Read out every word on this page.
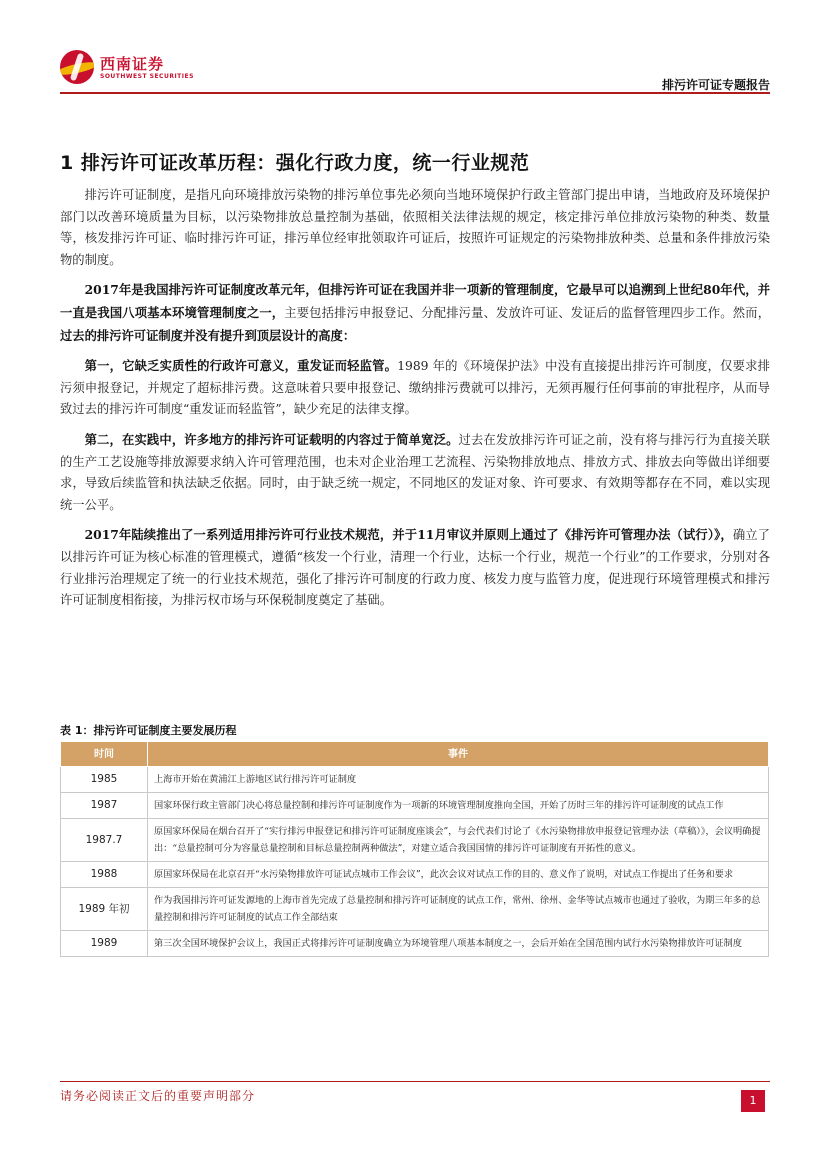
西南证券
SOUTHWEST SECURITIES
排污许可证专题报告
1 排污许可证改革历程：强化行政力度，统一行业规范

排污许可证制度，是指凡向环境排放污染物的排污单位事先必须向当地环境保护行政主管部门提出申请，当地政府及环境保护部门以改善环境质量为目标，以污染物排放总量控制为基础，依照相关法律法规的规定，核定排污单位排放污染物的种类、数量等，核发排污许可证、临时排污许可证，排污单位经审批领取许可证后，按照许可证规定的污染物排放种类、总量和条件排放污染物的制度。

2017年是我国排污许可证制度改革元年，但排污许可证在我国并非一项新的管理制度，它最早可以追溯到上世纪80年代，并一直是我国八项基本环境管理制度之一，主要包括排污申报登记、分配排污量、发放许可证、发证后的监督管理四步工作。然而，过去的排污许可证制度并没有提升到顶层设计的高度：

第一，它缺乏实质性的行政许可意义，重发证而轻监管。1989 年的《环境保护法》中没有直接提出排污许可制度，仅要求排污须申报登记，并规定了超标排污费。这意味着只要申报登记、缴纳排污费就可以排污，无须再履行任何事前的审批程序，从而导致过去的排污许可制度“重发证而轻监管”，缺少充足的法律支撑。

第二，在实践中，许多地方的排污许可证载明的内容过于简单宽泛。过去在发放排污许可证之前，没有将与排污行为直接关联的生产工艺设施等排放源要求纳入许可管理范围，也未对企业治理工艺流程、污染物排放地点、排放方式、排放去向等做出详细要求，导致后续监管和执法缺乏依据。同时，由于缺乏统一规定，不同地区的发证对象、许可要求、有效期等都存在不同，难以实现统一公平。

2017年陆续推出了一系列适用排污许可行业技术规范，并于11月审议并原则上通过了《排污许可管理办法（试行）》，确立了以排污许可证为核心标准的管理模式，遵循“核发一个行业，清理一个行业，达标一个行业，规范一个行业”的工作要求，分别对各行业排污治理规定了统一的行业技术规范，强化了排污许可制度的行政力度、核发力度与监管力度，促进现行环境管理模式和排污许可证制度相衔接，为排污权市场与环保税制度奠定了基础。

表 1：排污许可证制度主要发展历程
时间	事件
1985	上海市开始在黄浦江上游地区试行排污许可证制度
1987	国家环保行政主管部门决心将总量控制和排污许可证制度作为一项新的环境管理制度推向全国，开始了历时三年的排污许可证制度的试点工作
1987.7	原国家环保局在烟台召开了“实行排污申报登记和排污许可证制度座谈会”，与会代表们讨论了《水污染物排放申报登记管理办法（草稿）》，会议明确提出：“总量控制可分为容量总量控制和目标总量控制两种做法”，对建立适合我国国情的排污许可证制度有开拓性的意义。
1988	原国家环保局在北京召开“水污染物排放许可证试点城市工作会议”，此次会议对试点工作的目的、意义作了说明，对试点工作提出了任务和要求
1989 年初	作为我国排污许可证发源地的上海市首先完成了总量控制和排污许可证制度的试点工作，常州、徐州、金华等试点城市也通过了验收，为期三年多的总量控制和排污许可证制度的试点工作全部结束
1989	第三次全国环境保护会议上，我国正式将排污许可证制度确立为环境管理八项基本制度之一，会后开始在全国范围内试行水污染物排放许可证制度
请务必阅读正文后的重要声明部分	1
